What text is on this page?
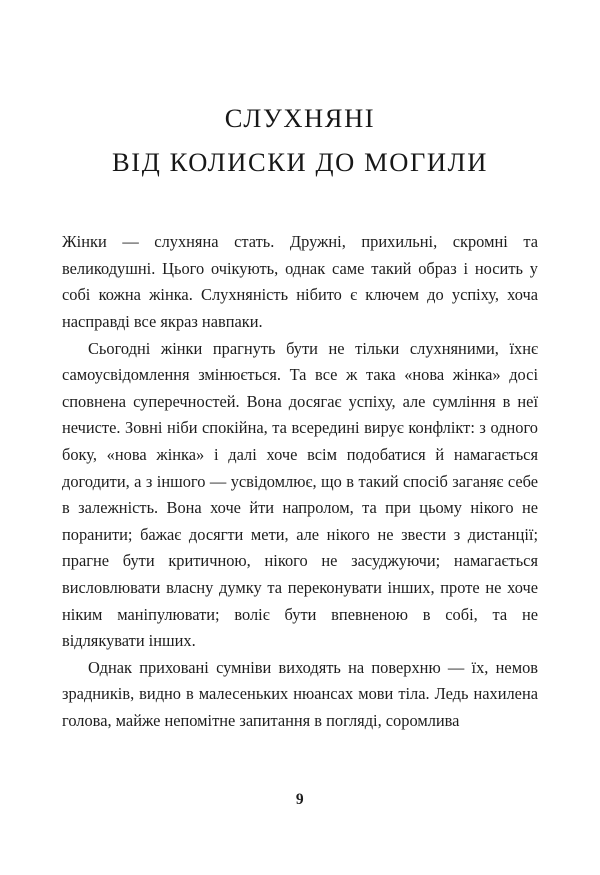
СЛУХНЯНІ
ВІД КОЛИСКИ ДО МОГИЛИ

Жінки — слухняна стать. Дружні, прихильні, скромні та великодушні. Цього очікують, однак саме такий образ і носить у собі кожна жінка. Слухняність нібито є ключем до успіху, хоча насправді все якраз навпаки.

Сьогодні жінки прагнуть бути не тільки слухняними, їхнє самоусвідомлення змінюється. Та все ж така «нова жінка» досі сповнена суперечностей. Вона досягає успіху, але сумління в неї нечисте. Зовні ніби спокійна, та всередині вирує конфлікт: з одного боку, «нова жінка» і далі хоче всім подобатися й намагається догодити, а з іншого — усвідомлює, що в такий спосіб заганяє себе в залежність. Вона хоче йти напролом, та при цьому нікого не поранити; бажає досягти мети, але нікого не звести з дистанції; прагне бути критичною, нікого не засуджуючи; намагається висловлювати власну думку та переконувати інших, проте не хоче ніким маніпулювати; воліє бути впевненою в собі, та не відлякувати інших.

Однак приховані сумніви виходять на поверхню — їх, немов зрадників, видно в малесеньких нюансах мови тіла. Ледь нахилена голова, майже непомітне запитання в погляді, соромлива

9
